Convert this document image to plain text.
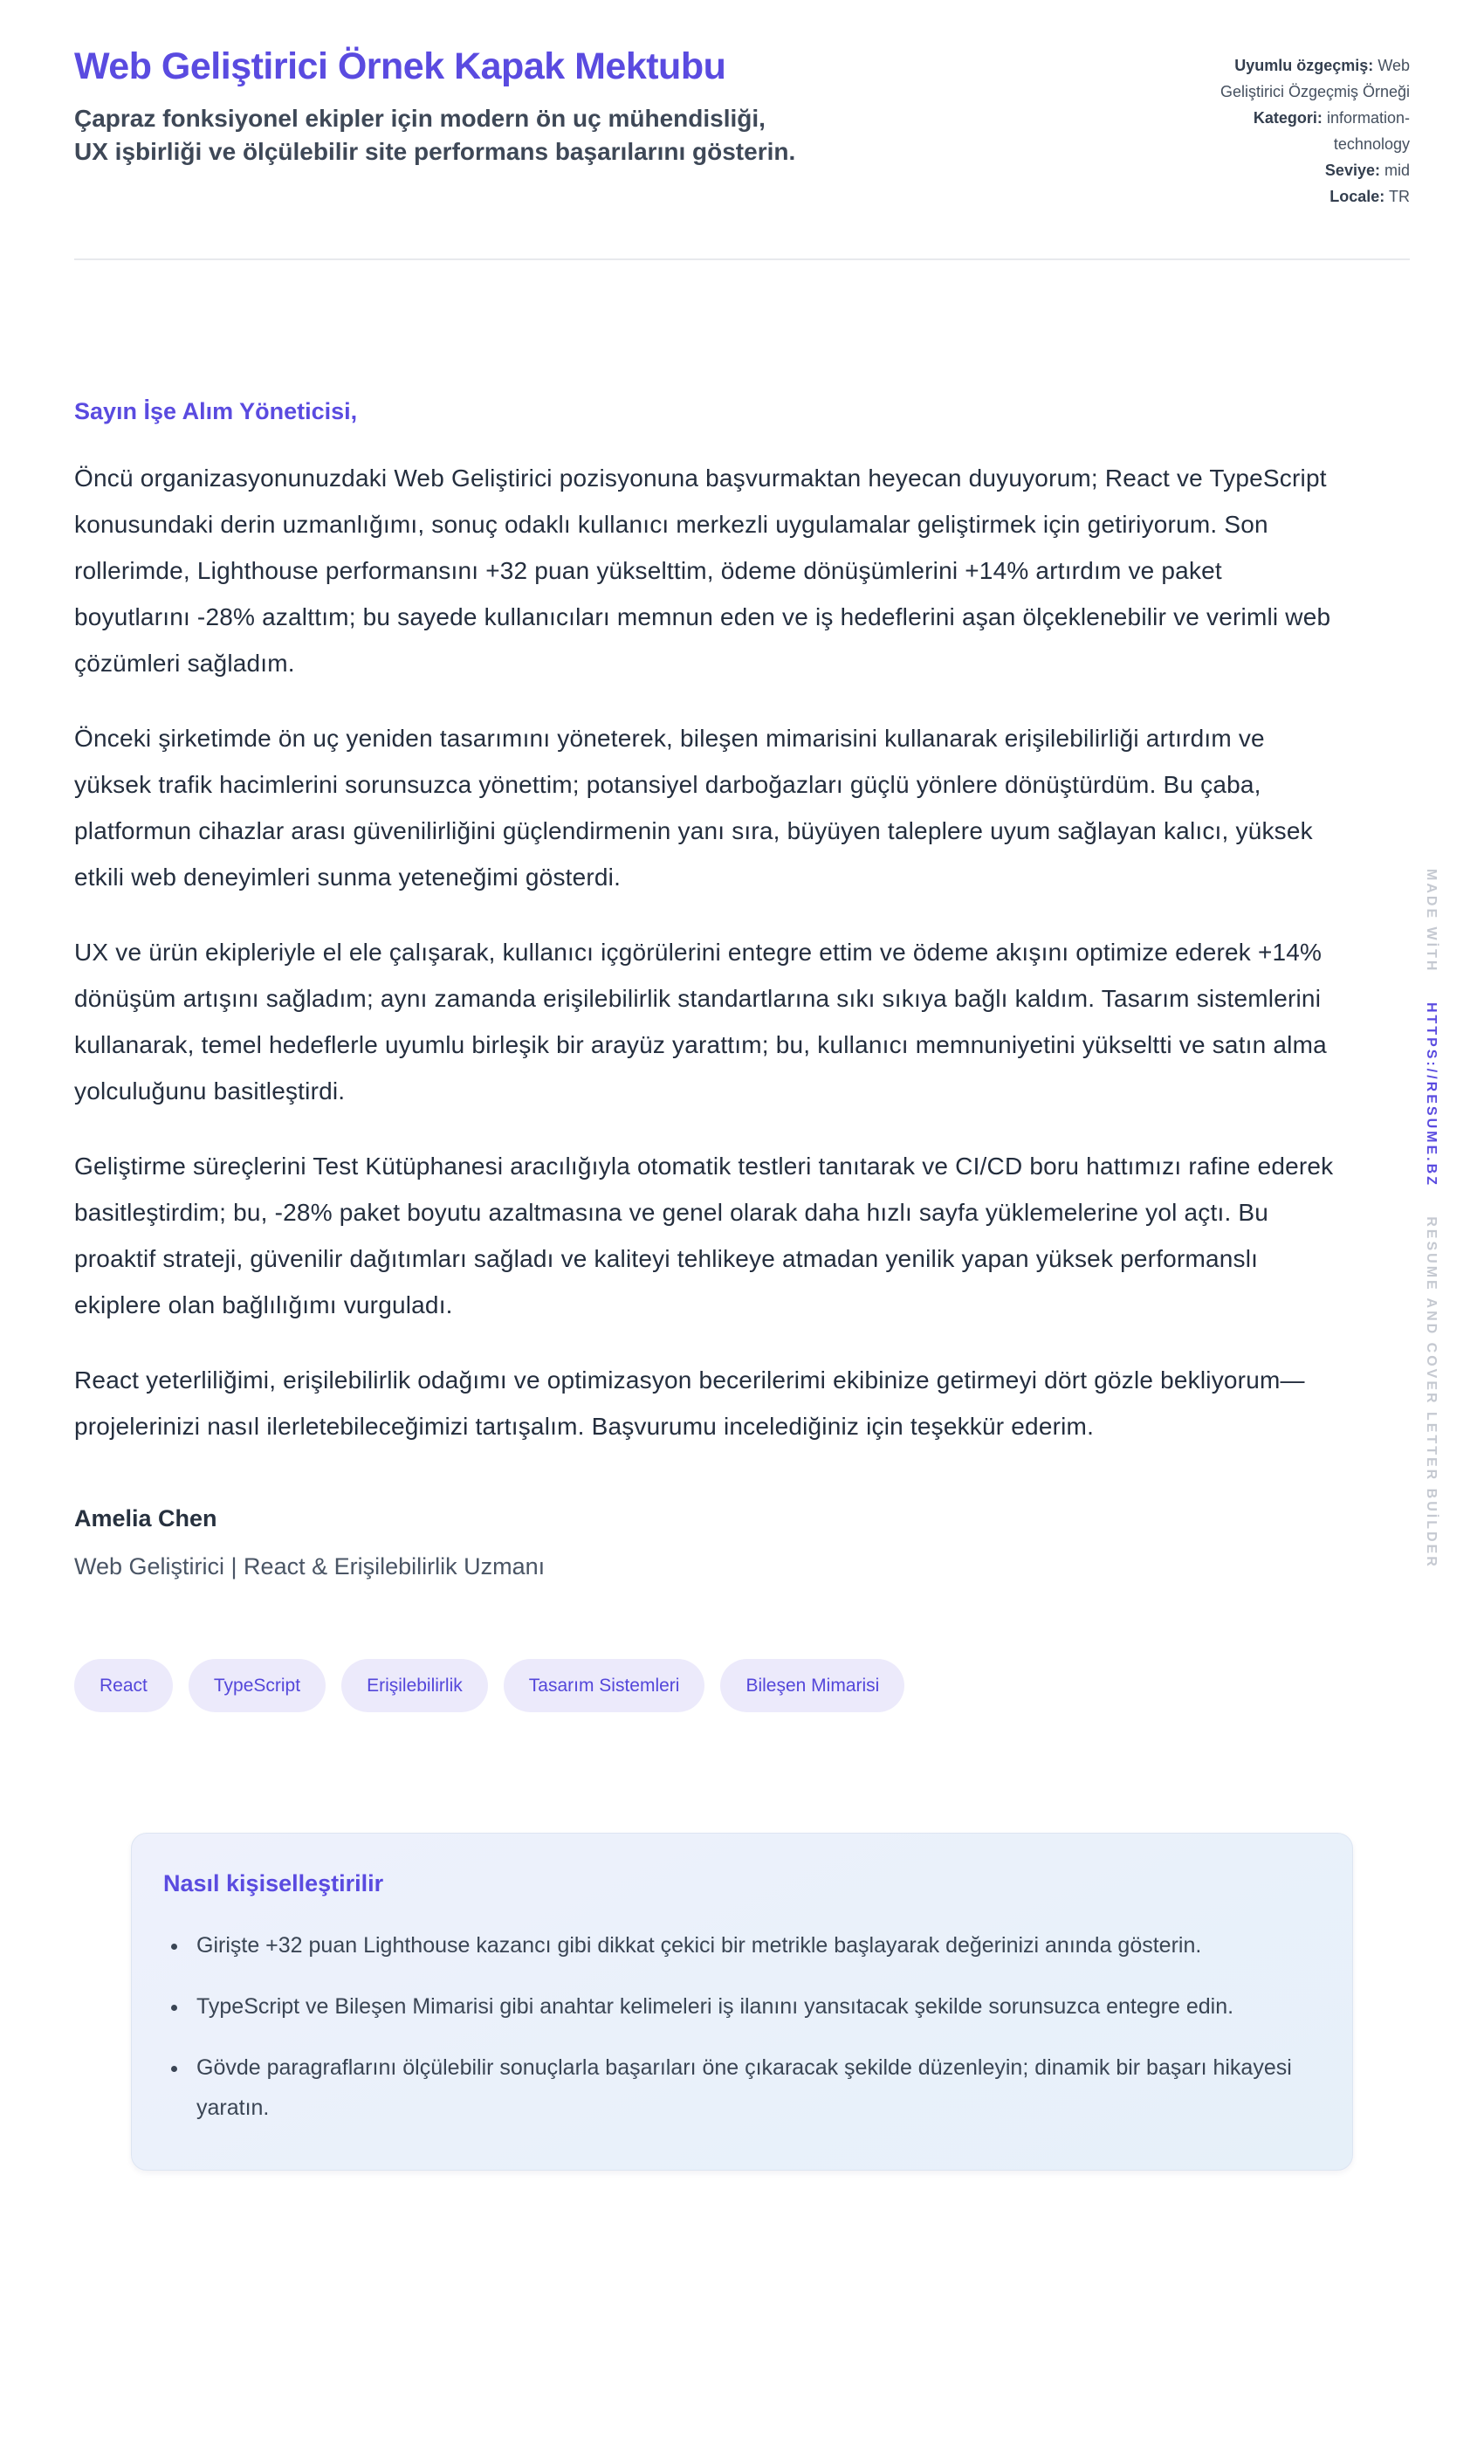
Web Geliştirici Örnek Kapak Mektubu

Çapraz fonksiyonel ekipler için modern ön uç mühendisliği, UX işbirliği ve ölçülebilir site performans başarılarını gösterin.

Uyumlu özgeçmiş: Web Geliştirici Özgeçmiş Örneği
Kategori: information-technology
Seviye: mid
Locale: TR

Sayın İşe Alım Yöneticisi,

Öncü organizasyonunuzdaki Web Geliştirici pozisyonuna başvurmaktan heyecan duyuyorum; React ve TypeScript konusundaki derin uzmanlığımı, sonuç odaklı kullanıcı merkezli uygulamalar geliştirmek için getiriyorum. Son rollerimde, Lighthouse performansını +32 puan yükselttim, ödeme dönüşümlerini +14% artırdım ve paket boyutlarını -28% azalttım; bu sayede kullanıcıları memnun eden ve iş hedeflerini aşan ölçeklenebilir ve verimli web çözümleri sağladım.

Önceki şirketimde ön uç yeniden tasarımını yöneterek, bileşen mimarisini kullanarak erişilebilirliği artırdım ve yüksek trafik hacimlerini sorunsuzca yönettim; potansiyel darboğazları güçlü yönlere dönüştürdüm. Bu çaba, platformun cihazlar arası güvenilirliğini güçlendirmenin yanı sıra, büyüyen taleplere uyum sağlayan kalıcı, yüksek etkili web deneyimleri sunma yeteneğimi gösterdi.

UX ve ürün ekipleriyle el ele çalışarak, kullanıcı içgörülerini entegre ettim ve ödeme akışını optimize ederek +14% dönüşüm artışını sağladım; aynı zamanda erişilebilirlik standartlarına sıkı sıkıya bağlı kaldım. Tasarım sistemlerini kullanarak, temel hedeflerle uyumlu birleşik bir arayüz yarattım; bu, kullanıcı memnuniyetini yükseltti ve satın alma yolculuğunu basitleştirdi.

Geliştirme süreçlerini Test Kütüphanesi aracılığıyla otomatik testleri tanıtarak ve CI/CD boru hattımızı rafine ederek basitleştirdim; bu, -28% paket boyutu azaltmasına ve genel olarak daha hızlı sayfa yüklemelerine yol açtı. Bu proaktif strateji, güvenilir dağıtımları sağladı ve kaliteyi tehlikeye atmadan yenilik yapan yüksek performanslı ekiplere olan bağlılığımı vurguladı.

React yeterliliğimi, erişilebilirlik odağımı ve optimizasyon becerilerimi ekibinize getirmeyi dört gözle bekliyorum—projelerinizi nasıl ilerletebileceğimizi tartışalım. Başvurumu incelediğiniz için teşekkür ederim.

Amelia Chen
Web Geliştirici | React & Erişilebilirlik Uzmanı
React	TypeScript	Erişilebilirlik	Tasarım Sistemleri	Bileşen Mimarisi
Nasıl kişiselleştirilir
• Girişte +32 puan Lighthouse kazancı gibi dikkat çekici bir metrikle başlayarak değerinizi anında gösterin.
• TypeScript ve Bileşen Mimarisi gibi anahtar kelimeleri iş ilanını yansıtacak şekilde sorunsuzca entegre edin.
• Gövde paragraflarını ölçülebilir sonuçlarla başarıları öne çıkaracak şekilde düzenleyin; dinamik bir başarı hikayesi yaratın.
MADE WİTH HTTPS://RESUME.BZ RESUME AND COVER LETTER BUİLDER
